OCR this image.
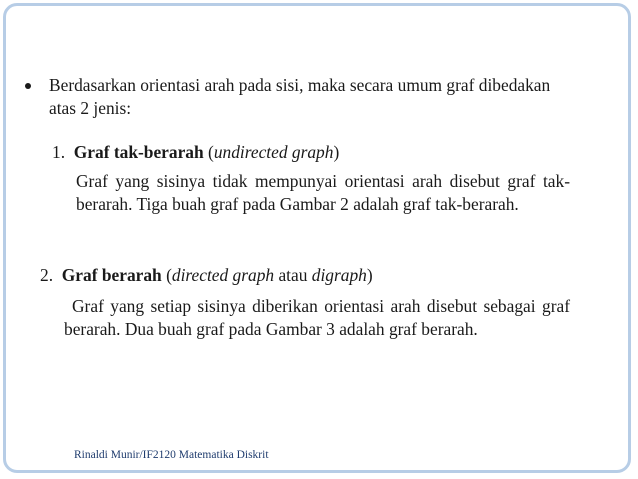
Berdasarkan orientasi arah pada sisi, maka secara umum graf dibedakan atas 2 jenis:
1. Graf tak-berarah (undirected graph)
Graf yang sisinya tidak mempunyai orientasi arah disebut graf tak-berarah. Tiga buah graf pada Gambar 2 adalah graf tak-berarah.
2. Graf berarah (directed graph atau digraph)
Graf yang setiap sisinya diberikan orientasi arah disebut sebagai graf berarah. Dua buah graf pada Gambar 3 adalah graf berarah.
Rinaldi Munir/IF2120 Matematika Diskrit
